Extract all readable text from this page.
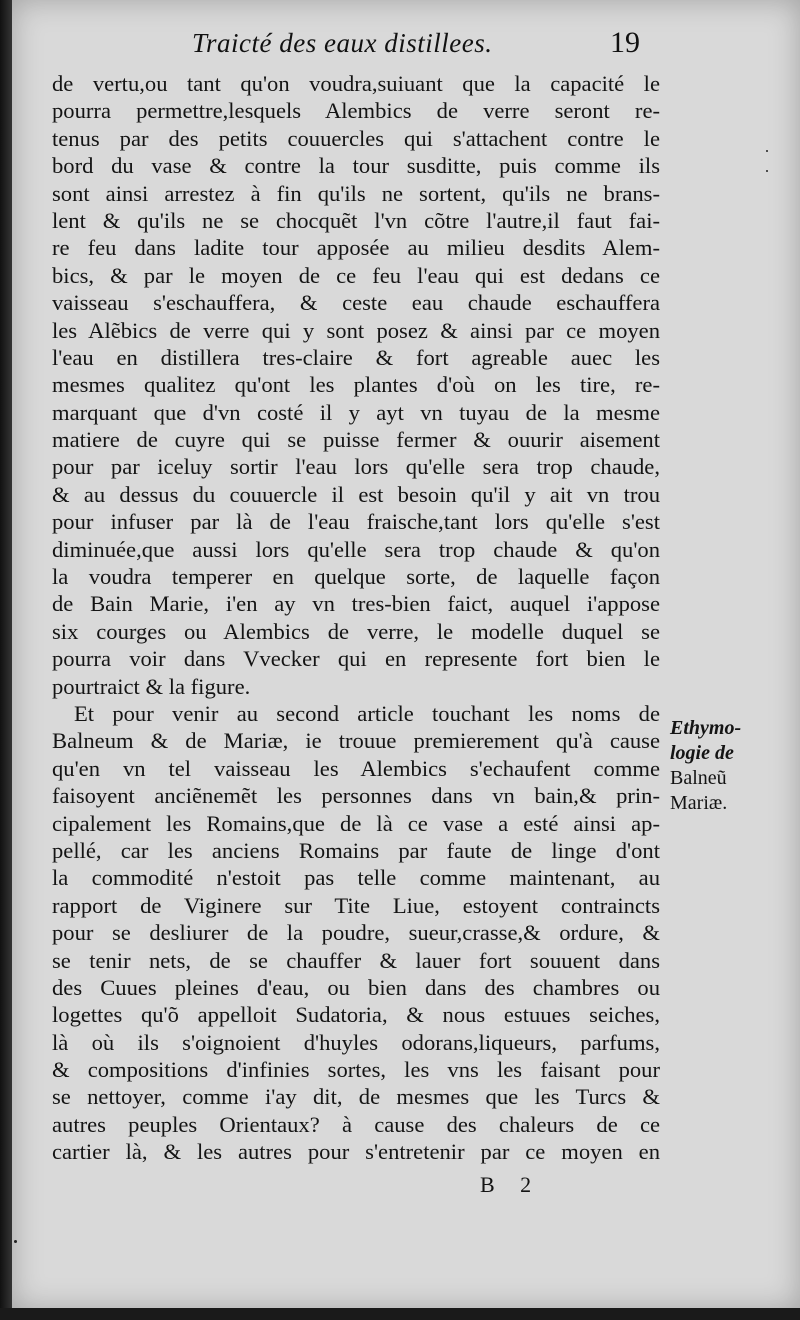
Traicté des eaux distillees.	19
de vertu,ou tant qu'on voudra,suiuant que la capacité le
pourra permettre,lesquels Alembics de verre seront re-
tenus par des petits couuercles qui s'attachent contre le
bord du vase & contre la tour susditte, puis comme ils
sont ainsi arrestez à fin qu'ils ne sortent, qu'ils ne brans-
lent & qu'ils ne se chocquẽt l'vn cõtre l'autre,il faut fai-
re feu dans ladite tour apposée au milieu desdits Alem-
bics, & par le moyen de ce feu l'eau qui est dedans ce
vaisseau s'eschauffera, & ceste eau chaude eschauffera
les Alẽbics de verre qui y sont posez & ainsi par ce moyen
l'eau en distillera tres-claire & fort agreable auec les
mesmes qualitez qu'ont les plantes d'où on les tire, re-
marquant que d'vn costé il y ayt vn tuyau de la mesme
matiere de cuyre qui se puisse fermer & ouurir aisement
pour par iceluy sortir l'eau lors qu'elle sera trop chaude,
& au dessus du couuercle il est besoin qu'il y ait vn trou
pour infuser par là de l'eau fraische,tant lors qu'elle s'est
diminuée,que aussi lors qu'elle sera trop chaude & qu'on
la voudra temperer en quelque sorte, de laquelle façon
de Bain Marie, i'en ay vn tres-bien faict, auquel i'appose
six courges ou Alembics de verre, le modelle duquel se
pourra voir dans Vvecker qui en represente fort bien le
pourtraict & la figure.
Et pour venir au second article touchant les noms de
Balneum & de Mariæ, ie trouue premierement qu'à cause
qu'en vn tel vaisseau les Alembics s'echaufent comme
faisoyent anciẽnemẽt les personnes dans vn bain,& prin-
cipalement les Romains,que de là ce vase a esté ainsi ap-
pellé, car les anciens Romains par faute de linge d'ont
la commodité n'estoit pas telle comme maintenant, au
rapport de Viginere sur Tite Liue, estoyent contraincts
pour se desliurer de la poudre, sueur,crasse,& ordure, &
se tenir nets, de se chauffer & lauer fort souuent dans
des Cuues pleines d'eau, ou bien dans des chambres ou
logettes qu'õ appelloit Sudatoria, & nous estuues seiches,
là où ils s'oignoient d'huyles odorans,liqueurs, parfums,
& compositions d'infinies sortes, les vns les faisant pour
se nettoyer, comme i'ay dit, de mesmes que les Turcs &
autres peuples Orientaux? à cause des chaleurs de ce
cartier là, & les autres pour s'entretenir par ce moyen en
Ethymo-
logie de
Balneũ
Mariæ.
B 2
